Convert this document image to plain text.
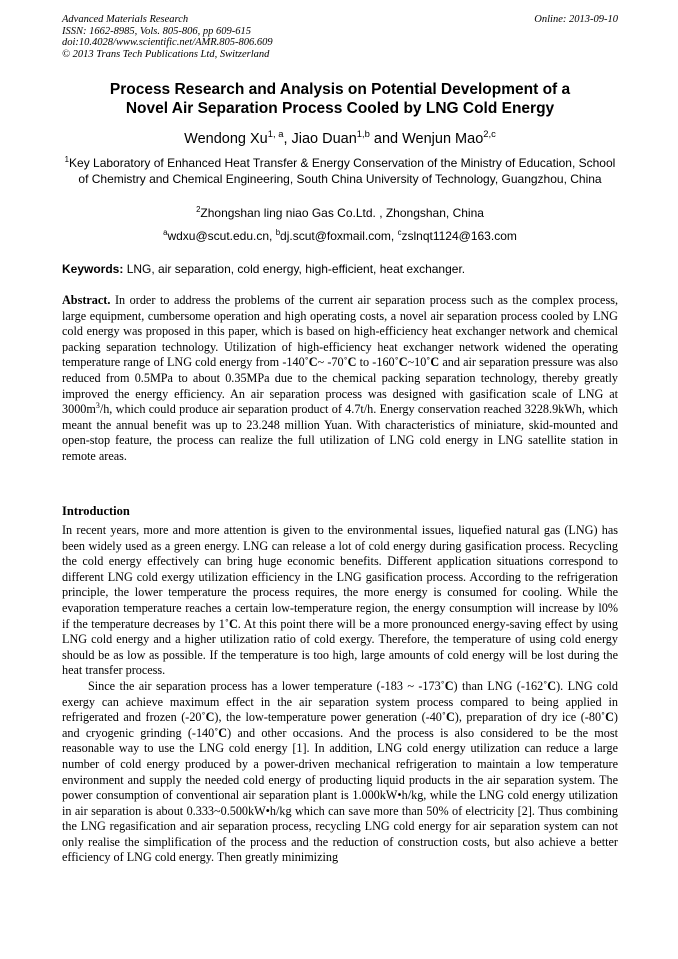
Advanced Materials Research
ISSN: 1662-8985, Vols. 805-806, pp 609-615
doi:10.4028/www.scientific.net/AMR.805-806.609
© 2013 Trans Tech Publications Ltd, Switzerland
Online: 2013-09-10
Process Research and Analysis on Potential Development of a
Novel Air Separation Process Cooled by LNG Cold Energy
Wendong Xu$^{1, a}$, Jiao Duan$^{1,b}$ and Wenjun Mao$^{2,c}$
$^1$Key Laboratory of Enhanced Heat Transfer & Energy Conservation of the Ministry of Education, School of Chemistry and Chemical Engineering, South China University of Technology, Guangzhou, China
$^2$Zhongshan ling niao Gas Co.Ltd. , Zhongshan, China
$^a$wdxu@scut.edu.cn, $^b$dj.scut@foxmail.com, $^c$zslnqt1124@163.com
Keywords: LNG, air separation, cold energy, high-efficient, heat exchanger.
Abstract. In order to address the problems of the current air separation process such as the complex process, large equipment, cumbersome operation and high operating costs, a novel air separation process cooled by LNG cold energy was proposed in this paper, which is based on high-efficiency heat exchanger network and chemical packing separation technology. Utilization of high-efficiency heat exchanger network widened the operating temperature range of LNG cold energy from -140˚C~ -70˚C to -160˚C~10˚C and air separation pressure was also reduced from 0.5MPa to about 0.35MPa due to the chemical packing separation technology, thereby greatly improved the energy efficiency. An air separation process was designed with gasification scale of LNG at $3000m^3/h$, which could produce air separation product of 4.7t/h. Energy conservation reached 3228.9kWh, which meant the annual benefit was up to 23.248 million Yuan. With characteristics of miniature, skid-mounted and open-stop feature, the process can realize the full utilization of LNG cold energy in LNG satellite station in remote areas.
Introduction

In recent years, more and more attention is given to the environmental issues, liquefied natural gas (LNG) has been widely used as a green energy. LNG can release a lot of cold energy during gasification process. Recycling the cold energy effectively can bring huge economic benefits. Different application situations correspond to different LNG cold exergy utilization efficiency in the LNG gasification process. According to the refrigeration principle, the lower temperature the process requires, the more energy is consumed for cooling. While the evaporation temperature reaches a certain low-temperature region, the energy consumption will increase by l0% if the temperature decreases by 1˚C. At this point there will be a more pronounced energy-saving effect by using LNG cold energy and a higher utilization ratio of cold exergy. Therefore, the temperature of using cold energy should be as low as possible. If the temperature is too high, large amounts of cold energy will be lost during the heat transfer process.

Since the air separation process has a lower temperature (-183 ~ -173˚C) than LNG (-162˚C). LNG cold exergy can achieve maximum effect in the air separation system process compared to being applied in refrigerated and frozen (-20˚C), the low-temperature power generation (-40˚C), preparation of dry ice (-80˚C) and cryogenic grinding (-140˚C) and other occasions. And the process is also considered to be the most reasonable way to use the LNG cold energy [1]. In addition, LNG cold energy utilization can reduce a large number of cold energy produced by a power-driven mechanical refrigeration to maintain a low temperature environment and supply the needed cold energy of producting liquid products in the air separation system. The power consumption of conventional air separation plant is 1.000kW•h/kg, while the LNG cold energy utilization in air separation is about 0.333~0.500kW•h/kg which can save more than 50% of electricity [2]. Thus combining the LNG regasification and air separation process, recycling LNG cold energy for air separation system can not only realise the simplification of the process and the reduction of construction costs, but also achieve a better efficiency of LNG cold energy. Then greatly minimizing
